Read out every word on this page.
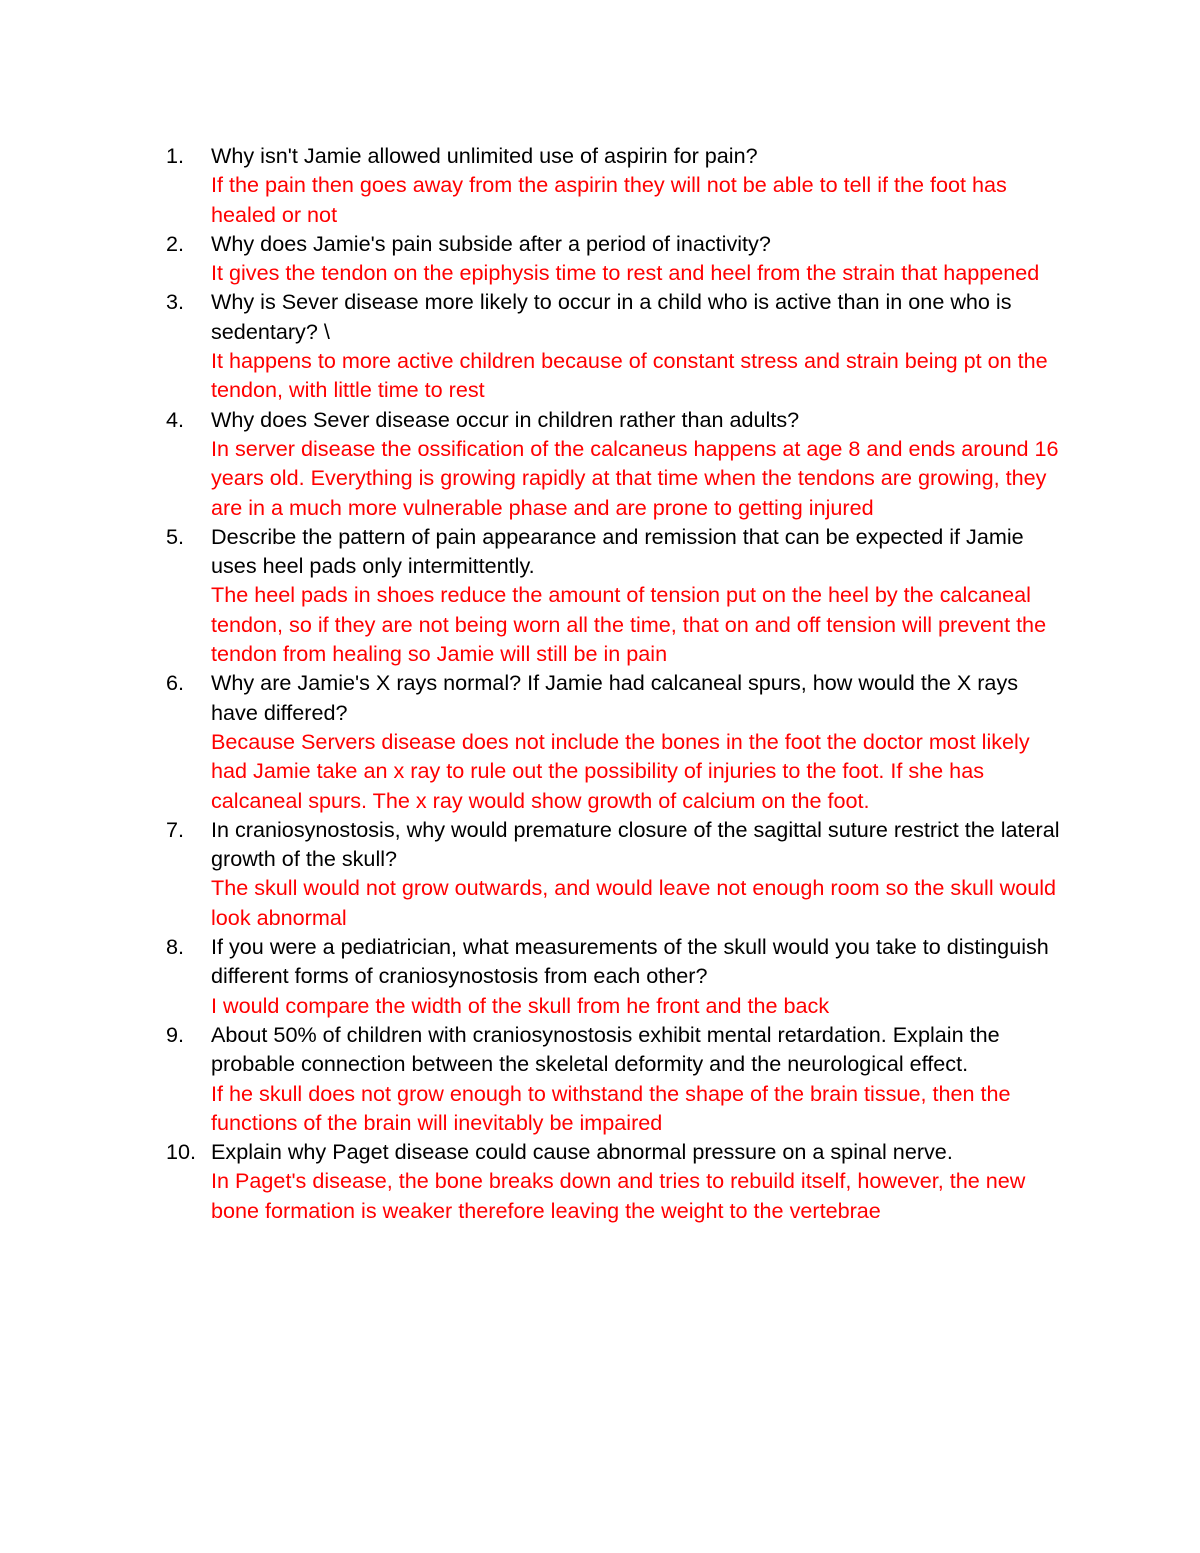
1.	Why isn't Jamie allowed unlimited use of aspirin for pain?
If the pain then goes away from the aspirin they will not be able to tell if the foot has healed or not
2.	Why does Jamie's pain subside after a period of inactivity?
It gives the tendon on the epiphysis time to rest and heel from the strain that happened
3.	Why is Sever disease more likely to occur in a child who is active than in one who is sedentary? \
It happens to more active children because of constant stress and strain being pt on the tendon, with little time to rest
4.	Why does Sever disease occur in children rather than adults?
In server disease the ossification of the calcaneus happens at age 8 and ends around 16 years old. Everything is growing rapidly at that time when the tendons are growing, they are in a much more vulnerable phase and are prone to getting injured
5.	Describe the pattern of pain appearance and remission that can be expected if Jamie uses heel pads only intermittently.
The heel pads in shoes reduce the amount of tension put on the heel by the calcaneal tendon, so if they are not being worn all the time, that on and off tension will prevent the tendon from healing so Jamie will still be in pain
6.	Why are Jamie's X rays normal? If Jamie had calcaneal spurs, how would the X rays have differed?
Because Servers disease does not include the bones in the foot the doctor most likely had Jamie take an x ray to rule out the possibility of injuries to the foot. If she has calcaneal spurs. The x ray would show growth of calcium on the foot.
7.	In craniosynostosis, why would premature closure of the sagittal suture restrict the lateral growth of the skull?
The skull would not grow outwards, and would leave not enough room so the skull would look abnormal
8.	If you were a pediatrician, what measurements of the skull would you take to distinguish different forms of craniosynostosis from each other?
I would compare the width of the skull from he front and the back
9.	About 50% of children with craniosynostosis exhibit mental retardation. Explain the probable connection between the skeletal deformity and the neurological effect.
If he skull does not grow enough to withstand the shape of the brain tissue, then the functions of the brain will inevitably be impaired
10. Explain why Paget disease could cause abnormal pressure on a spinal nerve.
In Paget's disease, the bone breaks down and tries to rebuild itself, however, the new bone formation is weaker therefore leaving the weight to the vertebrae
